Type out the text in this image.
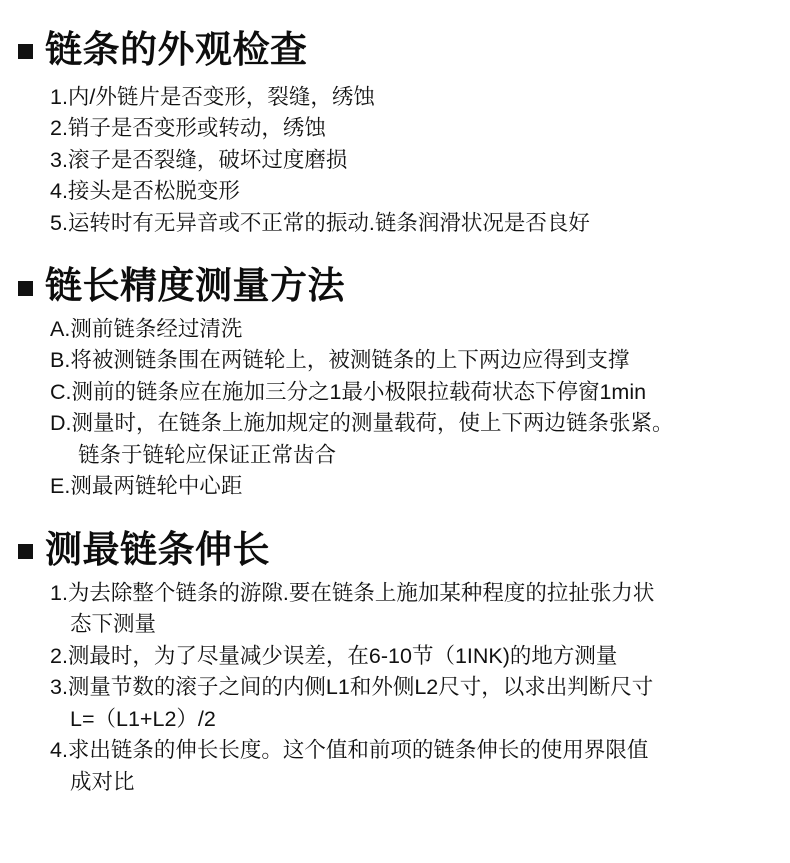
链条的外观检查
1.内/外链片是否变形，裂缝，绣蚀
2.销子是否变形或转动，绣蚀
3.滚子是否裂缝，破坏过度磨损
4.接头是否松脱变形
5.运转时有无异音或不正常的振动.链条润滑状况是否良好
链长精度测量方法
A.测前链条经过清洗
B.将被测链条围在两链轮上，被测链条的上下两边应得到支撑
C.测前的链条应在施加三分之1最小极限拉载荷状态下停窗1min
D.测量时，在链条上施加规定的测量载荷，使上下两边链条张紧。
链条于链轮应保证正常齿合
E.测最两链轮中心距
测最链条伸长
1.为去除整个链条的游隙.要在链条上施加某种程度的拉扯张力状
态下测量
2.测最时，为了尽量减少误差，在6-10节（1INK)的地方测量
3.测量节数的滚子之间的内侧L1和外侧L2尺寸，以求出判断尺寸
L=（L1+L2）/2
4.求出链条的伸长长度。这个值和前项的链条伸长的使用界限值
成对比
